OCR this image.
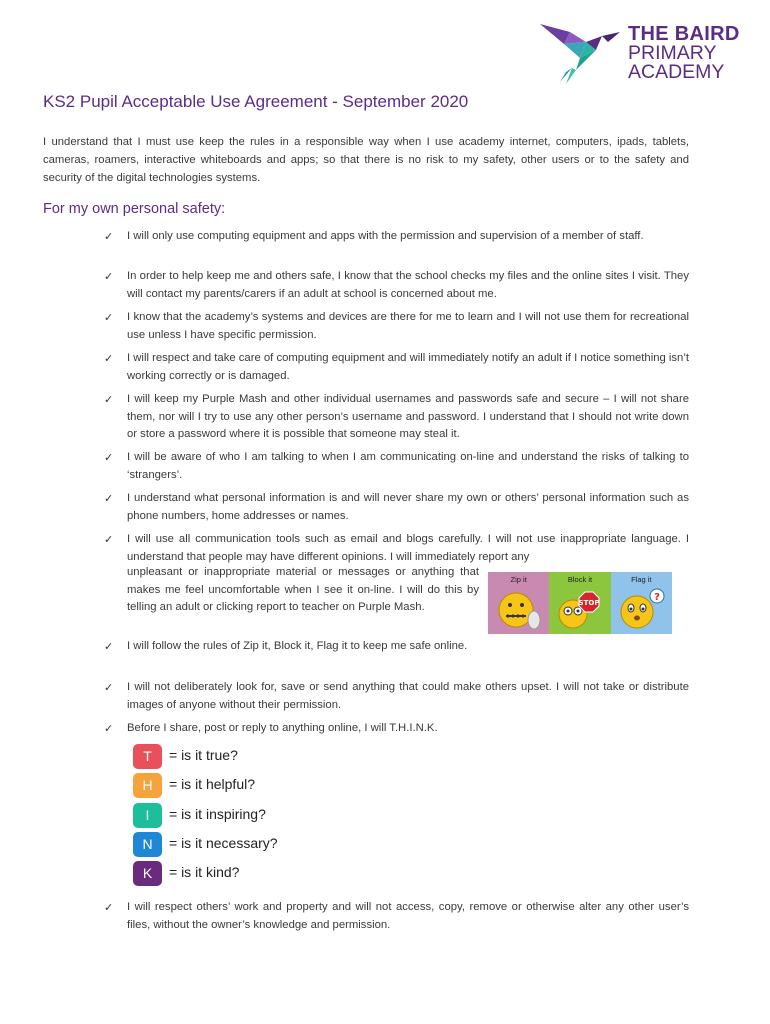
THE BAIRD
PRIMARY
ACADEMY
KS2 Pupil Acceptable Use Agreement - September 2020

I understand that I must use keep the rules in a responsible way when I use academy internet, computers, ipads, tablets, cameras, roamers, interactive whiteboards and apps; so that there is no risk to my safety, other users or to the safety and security of the digital technologies systems.

For my own personal safety:
✓	I will only use computing equipment and apps with the permission and supervision of a member of staff.
✓	In order to help keep me and others safe, I know that the school checks my files and the online sites I visit. They will contact my parents/carers if an adult at school is concerned about me.
✓	I know that the academy’s systems and devices are there for me to learn and I will not use them for recreational use unless I have specific permission.
✓	I will respect and take care of computing equipment and will immediately notify an adult if I notice something isn’t working correctly or is damaged.
✓	I will keep my Purple Mash and other individual usernames and passwords safe and secure – I will not share them, nor will I try to use any other person’s username and password. I understand that I should not write down or store a password where it is possible that someone may steal it.
✓	I will be aware of who I am talking to when I am communicating on-line and understand the risks of talking to ‘strangers’.
✓	I understand what personal information is and will never share my own or others’ personal information such as phone numbers, home addresses or names.
✓	I will use all communication tools such as email and blogs carefully. I will not use inappropriate language. I understand that people may have different opinions. I will immediately report any
unpleasant or inappropriate material or messages or anything that makes me feel uncomfortable when I see it on-line. I will do this by telling an adult or clicking report to teacher on Purple Mash.
✓	I will follow the rules of Zip it, Block it, Flag it to keep me safe online.
✓	I will not deliberately look for, save or send anything that could make others upset. I will not take or distribute images of anyone without their permission.
✓	Before I share, post or reply to anything online, I will T.H.I.N.K.
✓	I will respect others’ work and property and will not access, copy, remove or otherwise alter any other user’s files, without the owner’s knowledge and permission.
Zip it	Block it
STOP
Flag it
?
T	= is it true?
H	= is it helpful?
I	= is it inspiring?
N	= is it necessary?
K	= is it kind?
